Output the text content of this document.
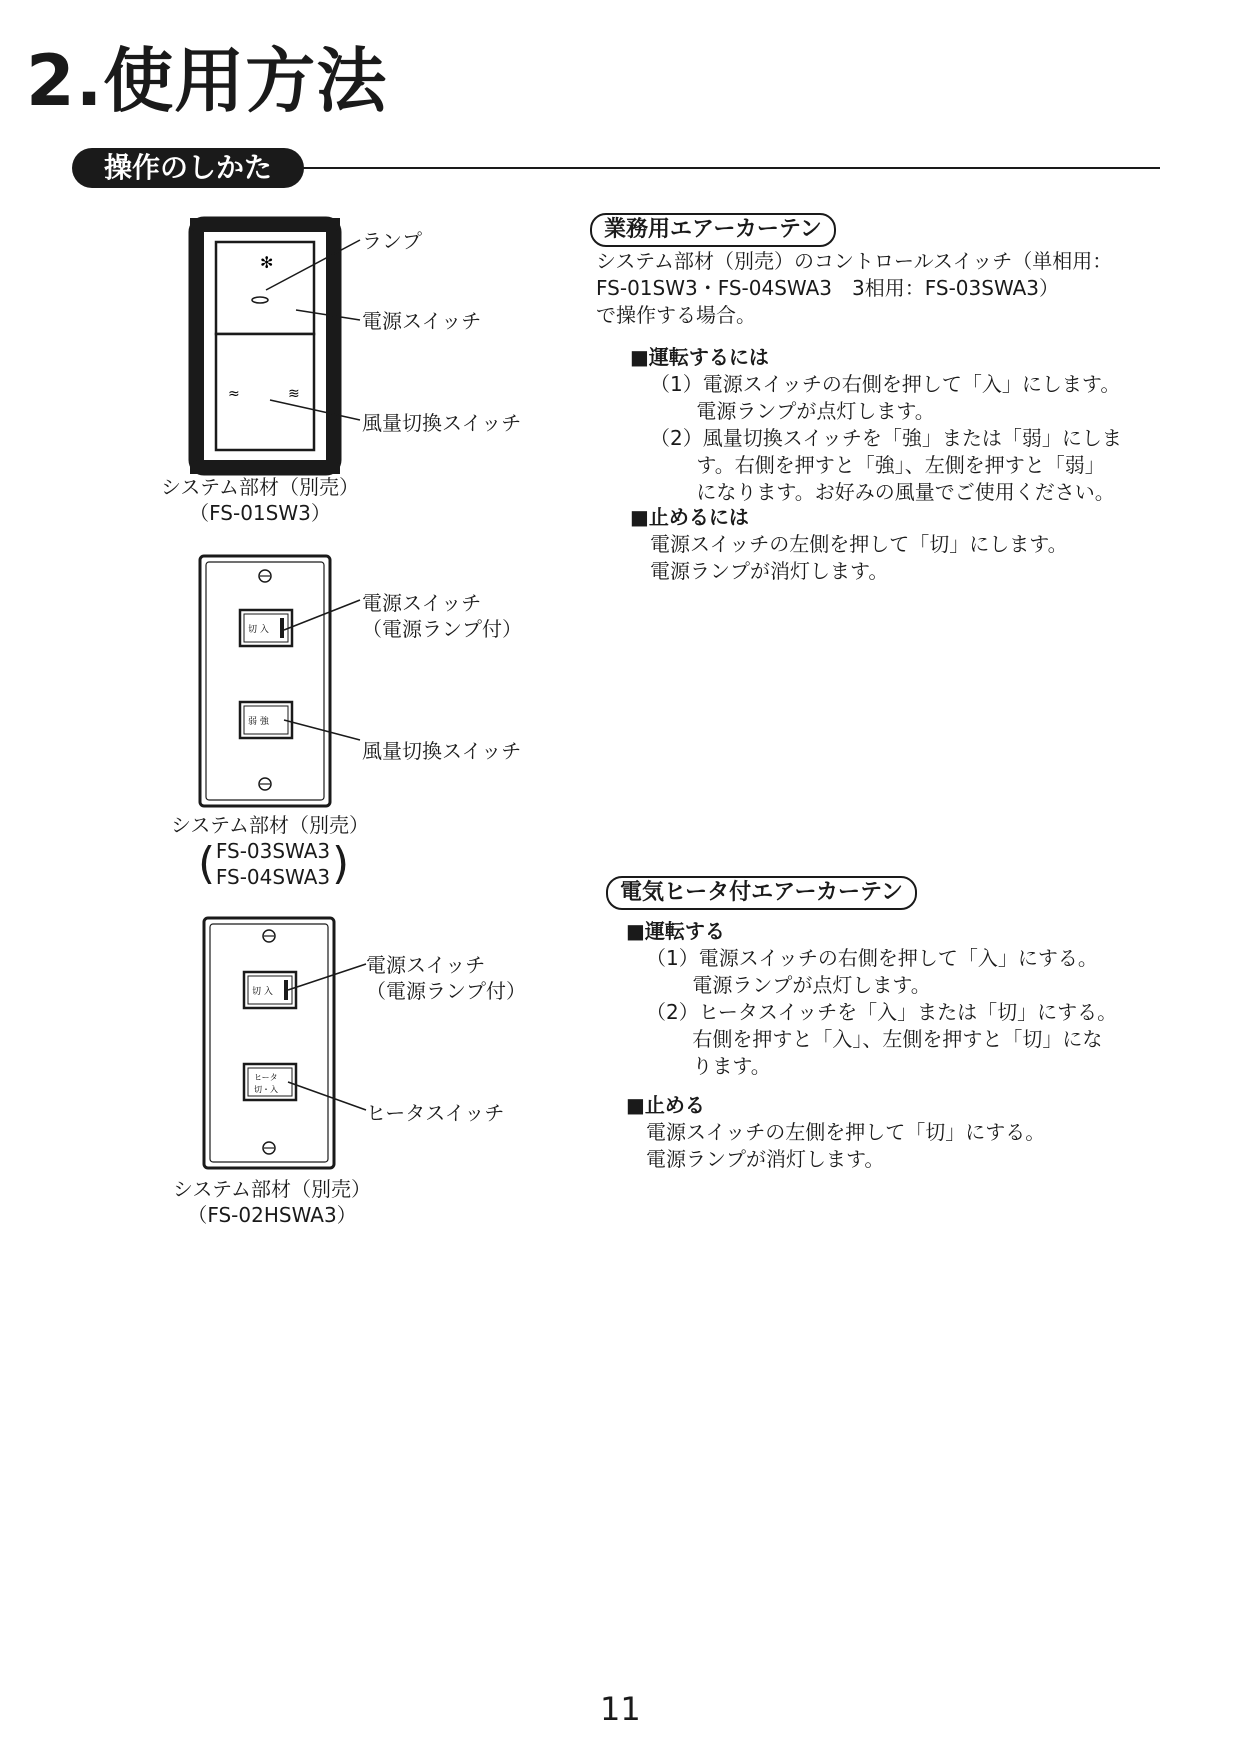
2.使用方法
操作のしかた
✻
≈	≋
ランプ
電源スイッチ
風量切換スイッチ
システム部材（別売）
（FS-01SW3）
切 入
弱 強
電源スイッチ
（電源ランプ付）
風量切換スイッチ
システム部材（別売）
( FS-03SWA3
FS-04SWA3 )
切 入
ヒータ
切・入
電源スイッチ
（電源ランプ付）
ヒータスイッチ
システム部材（別売）
（FS-02HSWA3）
業務用エアーカーテン
システム部材（別売）のコントロールスイッチ（単相用：
FS-01SW3・FS-04SWA3　3相用：FS-03SWA3）
で操作する場合。
■運転するには
（1）電源スイッチの右側を押して「入」にします。
　　 電源ランプが点灯します。
（2）風量切換スイッチを「強」または「弱」にしま
　　 す。右側を押すと「強」、左側を押すと「弱」
　　 になります。お好みの風量でご使用ください。
■止めるには
電源スイッチの左側を押して「切」にします。
電源ランプが消灯します。
電気ヒータ付エアーカーテン
■運転する
（1）電源スイッチの右側を押して「入」にする。
　　 電源ランプが点灯します。
（2）ヒータスイッチを「入」または「切」にする。
　　 右側を押すと「入」、左側を押すと「切」にな
　　 ります。
■止める
電源スイッチの左側を押して「切」にする。
電源ランプが消灯します。
11
